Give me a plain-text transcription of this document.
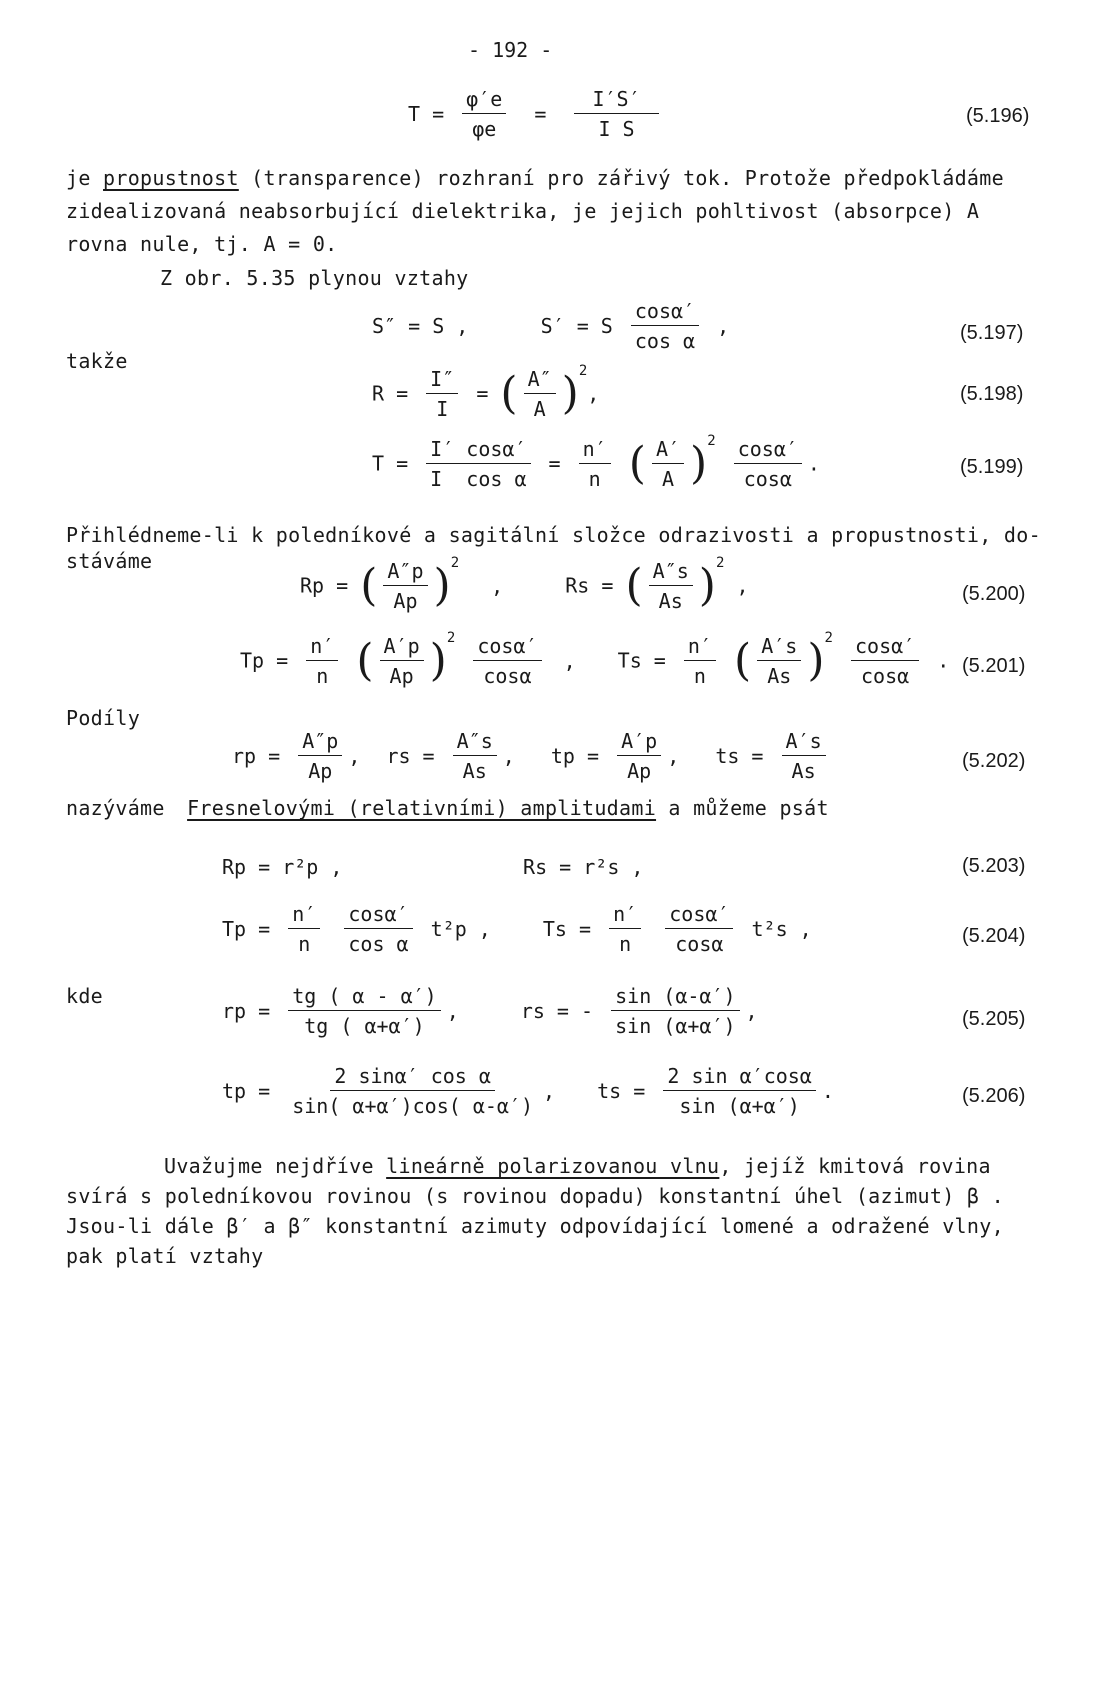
- 192 -
$T = \frac{\varphi'e}{\varphi e} = \frac{I'S'}{\text{I S}}$	(5.196)
je propustnost (transparence) rozhraní pro zářivý tok. Protože předpokládáme
zidealizovaná neabsorbující dielektrika, je jejich pohltivost (absorpce) A
rovna nule, tj. A = 0.
Z obr. 5.35 plynou vztahy
S″ = S ,      S′ = S $\frac{\cos\alpha'}{\text{cos α}}$ ,	(5.197)
takže
$R = \frac{I''}{I}$ = ( $\frac{A''}{A} )^2$,	(5.198)
$T = \frac{I' \cos\alpha'}{\text{I  cos α}} = \frac{n'}{n}$ ( $\frac{A'}{A} )^2 \frac{\cos\alpha'}{\cos\alpha}$ .	(5.199)
Přihlédneme-li k poledníkové a sagitální složce odrazivosti a propustnosti, do-
stáváme
Rp = ( $\frac{A''p}{Ap} )^2$ ,	Rs = ( $\frac{A''s}{As} )^2$ ,	(5.200)
$Tp = \frac{n'}{n}$ ( $\frac{A'p}{Ap} )^2 \frac{\cos\alpha'}{\cos\alpha}$ , $Ts = \frac{n'}{n}$ ( $\frac{A's}{As} )^2 \frac{\cos\alpha'}{\cos\alpha}$ . (5.201)
Podíly
rp = $\frac{A''p}{Ap}$ , rs = $\frac{A''s}{As}$ , tp = $\frac{A'p}{Ap}$ , ts = $\frac{A's}{As}$	(5.202)
nazýváme Fresnelovými (relativními) amplitudami a můžeme psát
Rp = r²p ,               Rs = r²s ,	(5.203)
$Tp = \frac{n'}{n}$
$\frac{\cos\alpha'}{\text{cos α}} t^2p$ ,	$Ts = \frac{n'}{n}$
$\frac{\cos\alpha'}{\cos\alpha} t^2s$ ,	(5.204)
kde
rp = $\frac{tg ( \alpha - \alpha')}{tg ( \alpha+\alpha')}$ ,	rs = - $\frac{\sin (\alpha-\alpha')}{\sin (\alpha+\alpha')}$ ,	(5.205)
tp = $\frac{\text{2 sinα′ cos α}}{\sin( \alpha+\alpha')\cos( \alpha-\alpha')}$ , ts = $\frac{\text{2 sin α′cosα}}{\sin (\alpha+\alpha')}$ .	(5.206)
Uvažujme nejdříve lineárně polarizovanou vlnu, jejíž kmitová rovina
svírá s poledníkovou rovinou (s rovinou dopadu) konstantní úhel (azimut) β .
Jsou-li dále β′ a β″ konstantní azimuty odpovídající lomené a odražené vlny,
pak platí vztahy
